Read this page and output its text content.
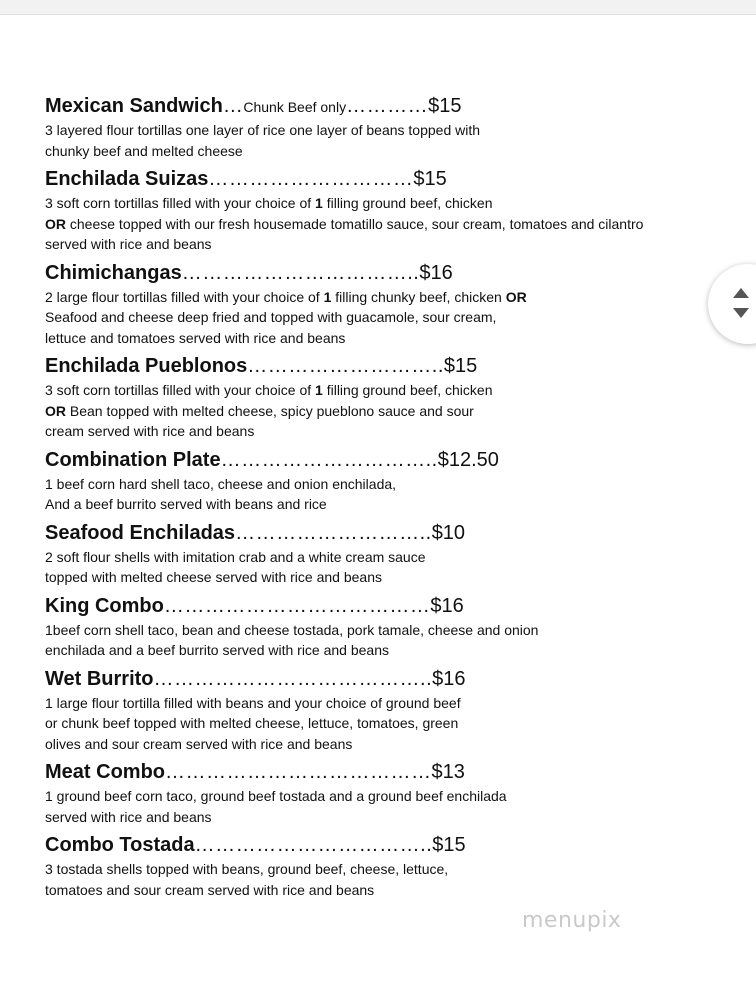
Mexican Sandwich…Chunk Beef only…………$15
3 layered flour tortillas one layer of rice one layer of beans topped with
chunky beef and melted cheese
Enchilada Suizas…………………………$15
3 soft corn tortillas filled with your choice of 1 filling ground beef, chicken
OR cheese topped with our fresh housemade tomatillo sauce, sour cream, tomatoes and cilantro
served with rice and beans
Chimichangas……………………………..$16
2 large flour tortillas filled with your choice of 1 filling chunky beef, chicken OR
Seafood and cheese deep fried and topped with guacamole, sour cream,
lettuce and tomatoes served with rice and beans
Enchilada Pueblonos………………………..$15
3 soft corn tortillas filled with your choice of 1 filling ground beef, chicken
OR Bean topped with melted cheese, spicy pueblono sauce and sour
cream served with rice and beans
Combination Plate…………………………..$12.50
1 beef corn hard shell taco, cheese and onion enchilada,
And a beef burrito served with beans and rice
Seafood Enchiladas………………………..$10
2 soft flour shells with imitation crab and a white cream sauce
topped with melted cheese served with rice and beans
King Combo…………………………………$16
1beef corn shell taco, bean and cheese tostada, pork tamale, cheese and onion
enchilada and a beef burrito served with rice and beans
Wet Burrito…………………………………..$16
1 large flour tortilla filled with beans and your choice of ground beef
or chunk beef topped with melted cheese, lettuce, tomatoes, green
olives and sour cream served with rice and beans
Meat Combo…………………………………$13
1 ground beef corn taco, ground beef tostada and a ground beef enchilada
served with rice and beans
Combo Tostada……………………………..$15
3 tostada shells topped with beans, ground beef, cheese, lettuce,
tomatoes and sour cream served with rice and beans
menupix
